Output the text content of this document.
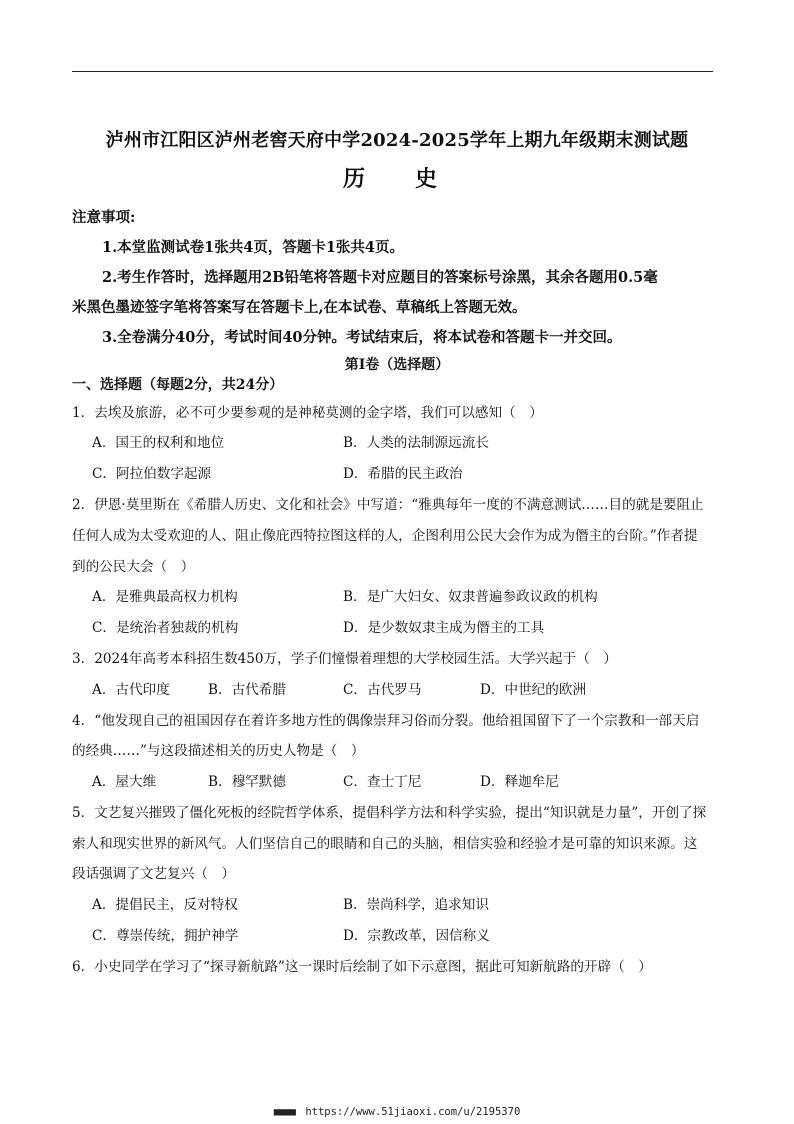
泸州市江阳区泸州老窖天府中学2024-2025学年上期九年级期末测试题
历　史
注意事项:
1.本堂监测试卷1张共4页，答题卡1张共4页。
2.考生作答时，选择题用2B铅笔将答题卡对应题目的答案标号涂黑，其余各题用0.5毫
米黑色墨迹签字笔将答案写在答题卡上,在本试卷、草稿纸上答题无效。
3.全卷满分40分，考试时间40分钟。考试结束后，将本试卷和答题卡一并交回。
第Ⅰ卷（选择题）
一、选择题（每题2分，共24分）
1．去埃及旅游，必不可少要参观的是神秘莫测的金字塔，我们可以感知（　）
A．国王的权利和地位	B．人类的法制源远流长
C．阿拉伯数字起源	D．希腊的民主政治
2．伊恩·莫里斯在《希腊人历史、文化和社会》中写道：“雅典每年一度的不满意测试……目的就是要阻止
任何人成为太受欢迎的人、阻止像庇西特拉图这样的人，企图利用公民大会作为成为僭主的台阶。”作者提
到的公民大会（　）
A．是雅典最高权力机构	B．是广大妇女、奴隶普遍参政议政的机构
C．是统治者独裁的机构	D．是少数奴隶主成为僭主的工具
3．2024年高考本科招生数450万，学子们憧憬着理想的大学校园生活。大学兴起于（　）
A．古代印度	B．古代希腊	C．古代罗马	D．中世纪的欧洲
4．“他发现自己的祖国因存在着许多地方性的偶像崇拜习俗而分裂。他给祖国留下了一个宗教和一部天启
的经典……”与这段描述相关的历史人物是（　）
A．屋大维	B．穆罕默德	C．查士丁尼	D．释迦牟尼
5．文艺复兴摧毁了僵化死板的经院哲学体系，提倡科学方法和科学实验，提出“知识就是力量”，开创了探
索人和现实世界的新风气。人们坚信自己的眼睛和自己的头脑，相信实验和经验才是可靠的知识来源。这
段话强调了文艺复兴（　）
A．提倡民主，反对特权	B．崇尚科学，追求知识
C．尊崇传统，拥护神学	D．宗教改革，因信称义
6．小史同学在学习了“探寻新航路”这一课时后绘制了如下示意图，据此可知新航路的开辟（　）
■■■■ https://www.51jiaoxi.com/u/2195370
